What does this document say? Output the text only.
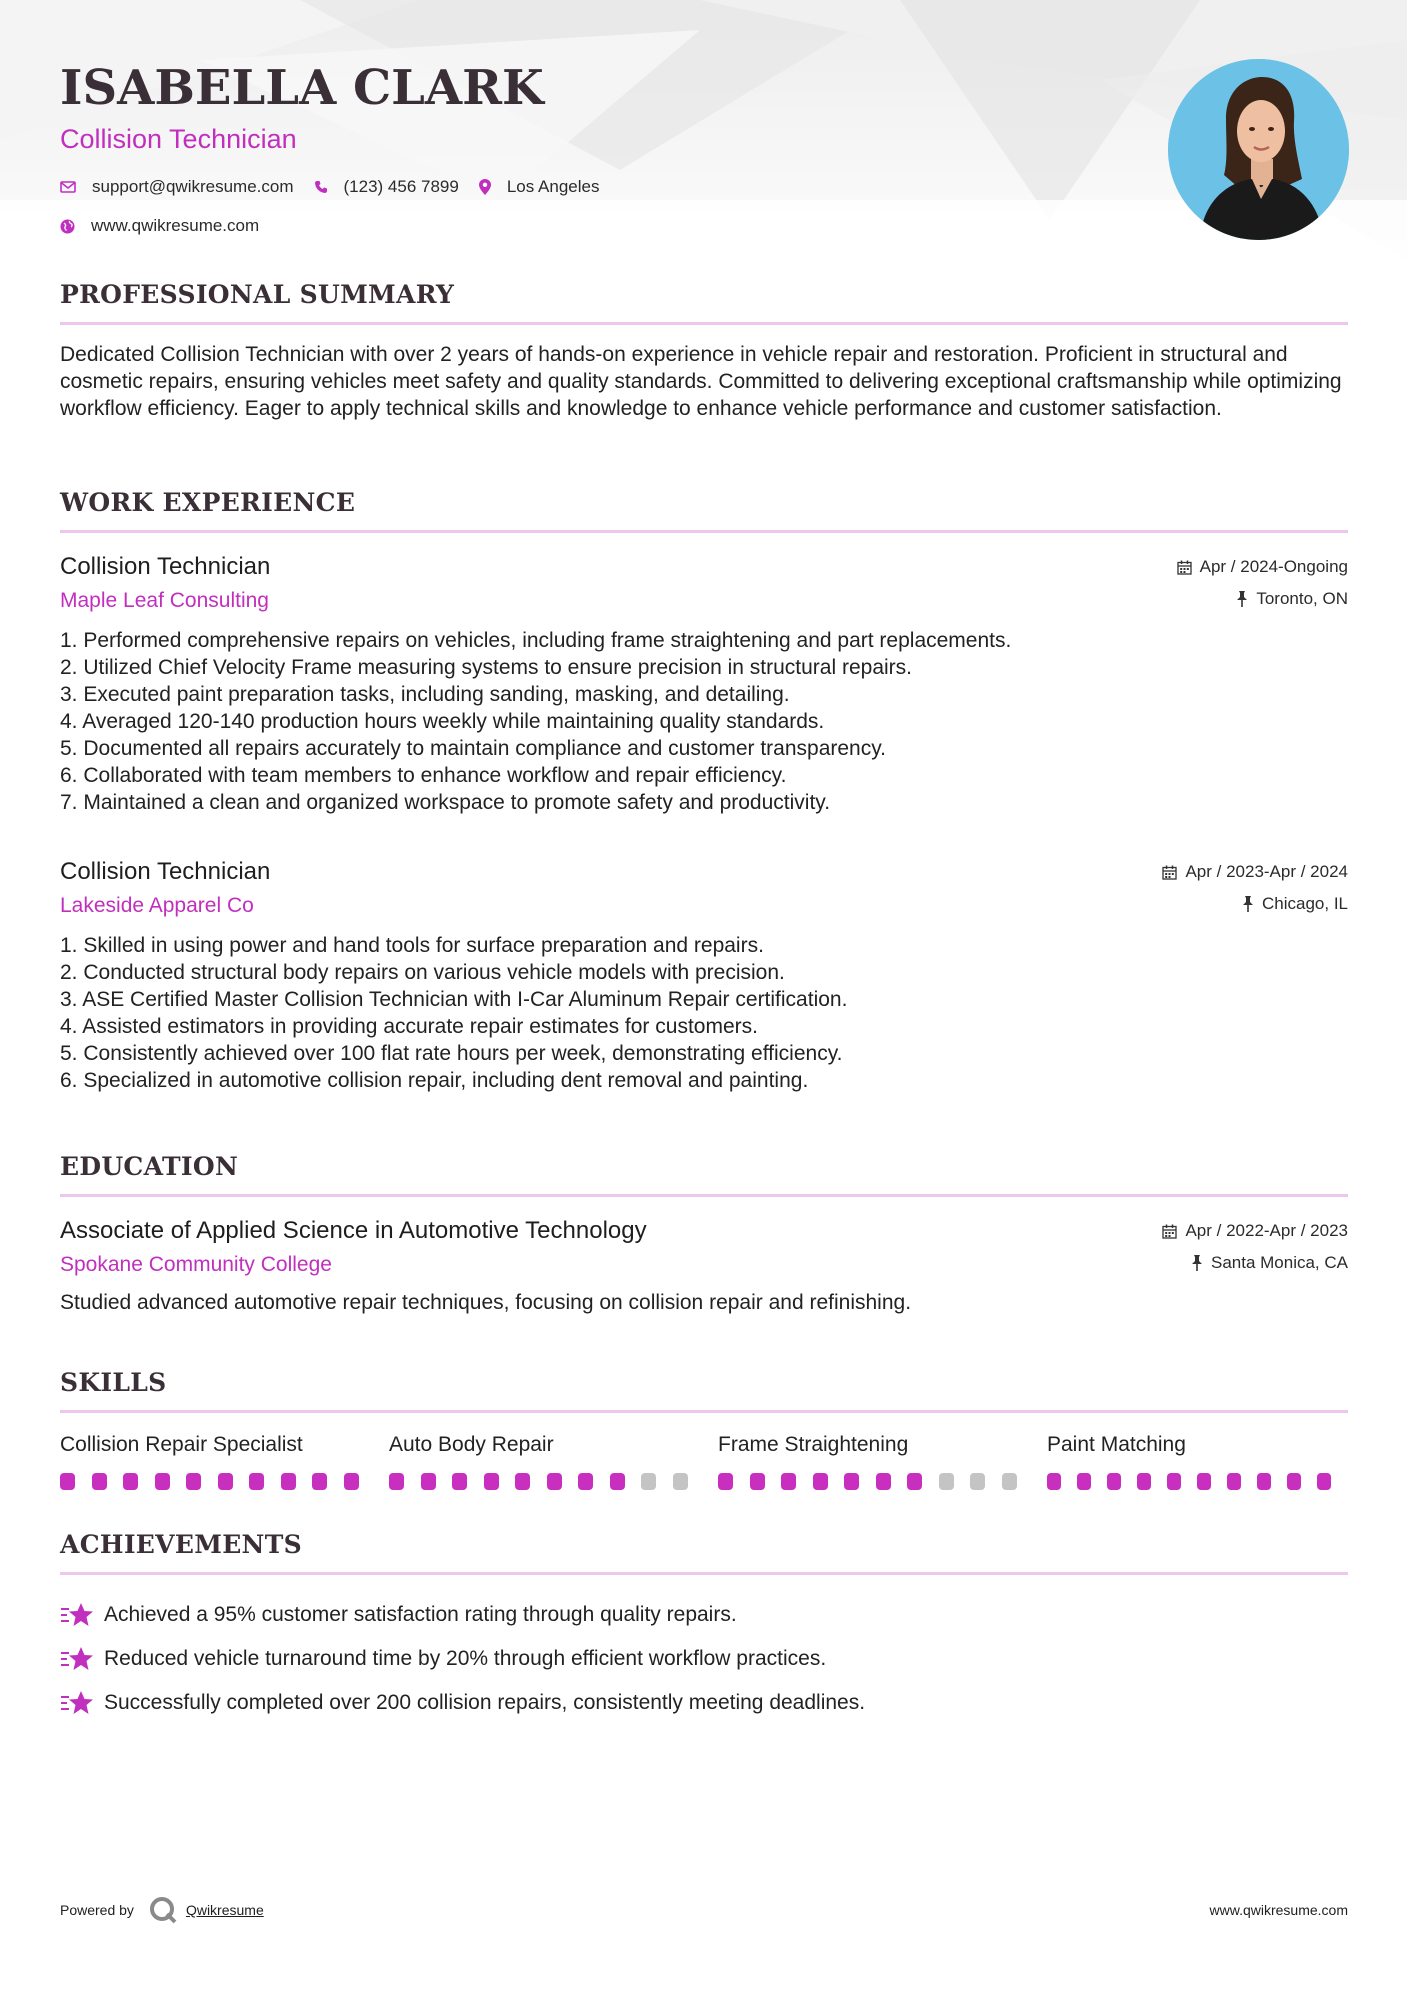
ISABELLA CLARK
Collision Technician
support@qwikresume.com	(123) 456 7899	Los Angeles
www.qwikresume.com
PROFESSIONAL SUMMARY
Dedicated Collision Technician with over 2 years of hands-on experience in vehicle repair and restoration. Proficient in structural and cosmetic repairs, ensuring vehicles meet safety and quality standards. Committed to delivering exceptional craftsmanship while optimizing workflow efficiency. Eager to apply technical skills and knowledge to enhance vehicle performance and customer satisfaction.
WORK EXPERIENCE
Collision Technician
Maple Leaf Consulting
Apr / 2024-Ongoing
Toronto, ON
1. Performed comprehensive repairs on vehicles, including frame straightening and part replacements.
2. Utilized Chief Velocity Frame measuring systems to ensure precision in structural repairs.
3. Executed paint preparation tasks, including sanding, masking, and detailing.
4. Averaged 120-140 production hours weekly while maintaining quality standards.
5. Documented all repairs accurately to maintain compliance and customer transparency.
6. Collaborated with team members to enhance workflow and repair efficiency.
7. Maintained a clean and organized workspace to promote safety and productivity.
Collision Technician
Lakeside Apparel Co
Apr / 2023-Apr / 2024
Chicago, IL
1. Skilled in using power and hand tools for surface preparation and repairs.
2. Conducted structural body repairs on various vehicle models with precision.
3. ASE Certified Master Collision Technician with I-Car Aluminum Repair certification.
4. Assisted estimators in providing accurate repair estimates for customers.
5. Consistently achieved over 100 flat rate hours per week, demonstrating efficiency.
6. Specialized in automotive collision repair, including dent removal and painting.
EDUCATION
Associate of Applied Science in Automotive Technology
Spokane Community College
Apr / 2022-Apr / 2023
Santa Monica, CA
Studied advanced automotive repair techniques, focusing on collision repair and refinishing.
SKILLS
Collision Repair Specialist	Auto Body Repair	Frame Straightening	Paint Matching
ACHIEVEMENTS
Achieved a 95% customer satisfaction rating through quality repairs.
Reduced vehicle turnaround time by 20% through efficient workflow practices.
Successfully completed over 200 collision repairs, consistently meeting deadlines.
Powered by	Qwikresume	www.qwikresume.com
